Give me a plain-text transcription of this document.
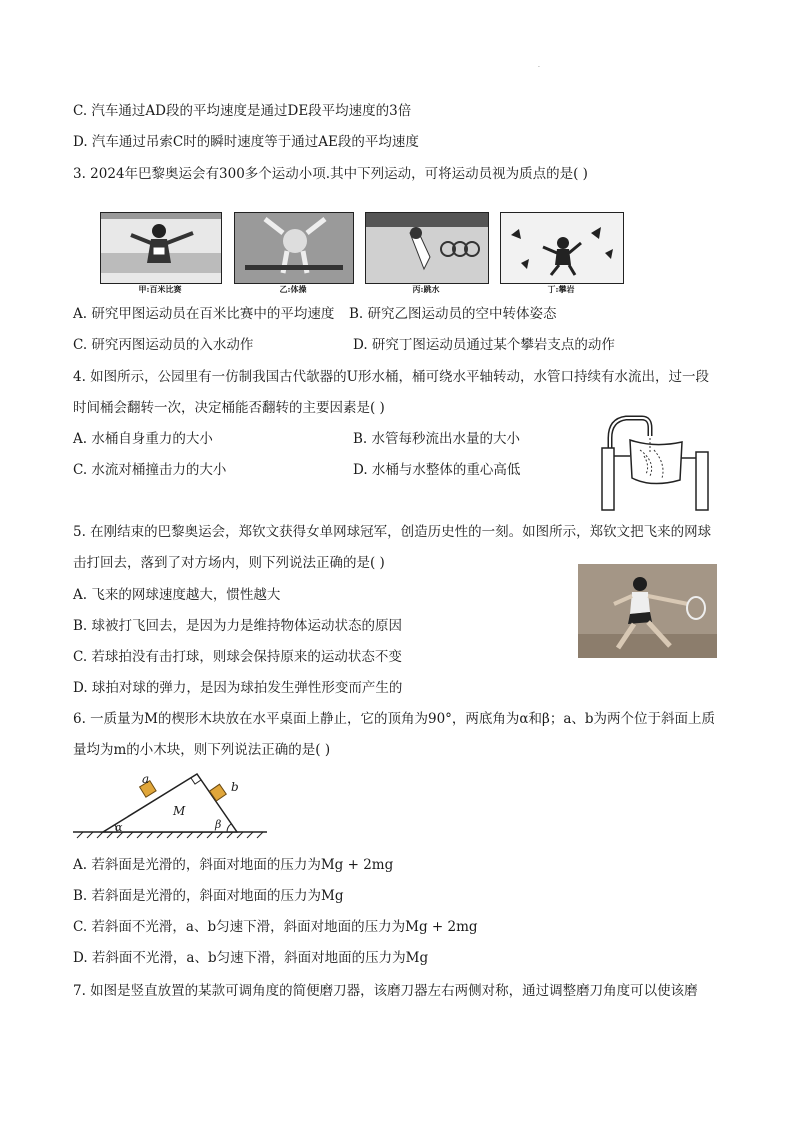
.
C. 汽车通过AD段的平均速度是通过DE段平均速度的3倍
D. 汽车通过吊索C时的瞬时速度等于通过AE段的平均速度
3. 2024年巴黎奥运会有300多个运动小项.其中下列运动，可将运动员视为质点的是( )
甲:百米比赛	乙:体操	丙:跳水	丁:攀岩
A. 研究甲图运动员在百米比赛中的平均速度 B. 研究乙图运动员的空中转体姿态
C. 研究丙图运动员的入水动作	D. 研究丁图运动员通过某个攀岩支点的动作
4. 如图所示，公园里有一仿制我国古代欹器的U形水桶，桶可绕水平轴转动，水管口持续有水流出，过一段
时间桶会翻转一次，决定桶能否翻转的主要因素是( )
A. 水桶自身重力的大小	B. 水管每秒流出水量的大小
C. 水流对桶撞击力的大小	D. 水桶与水整体的重心高低
5. 在刚结束的巴黎奥运会，郑钦文获得女单网球冠军，创造历史性的一刻。如图所示，郑钦文把飞来的网球
击打回去，落到了对方场内，则下列说法正确的是( )
A. 飞来的网球速度越大，惯性越大
B. 球被打飞回去，是因为力是维持物体运动状态的原因
C. 若球拍没有击打球，则球会保持原来的运动状态不变
D. 球拍对球的弹力，是因为球拍发生弹性形变而产生的
6. 一质量为M的楔形木块放在水平桌面上静止，它的顶角为90°，两底角为α和β；a、b为两个位于斜面上质
量均为m的小木块，则下列说法正确的是( )
a
b
M
α	β
A. 若斜面是光滑的，斜面对地面的压力为Mg + 2mg
B. 若斜面是光滑的，斜面对地面的压力为Mg
C. 若斜面不光滑，a、b匀速下滑，斜面对地面的压力为Mg + 2mg
D. 若斜面不光滑，a、b匀速下滑，斜面对地面的压力为Mg
7. 如图是竖直放置的某款可调角度的简便磨刀器，该磨刀器左右两侧对称，通过调整磨刀角度可以使该磨
